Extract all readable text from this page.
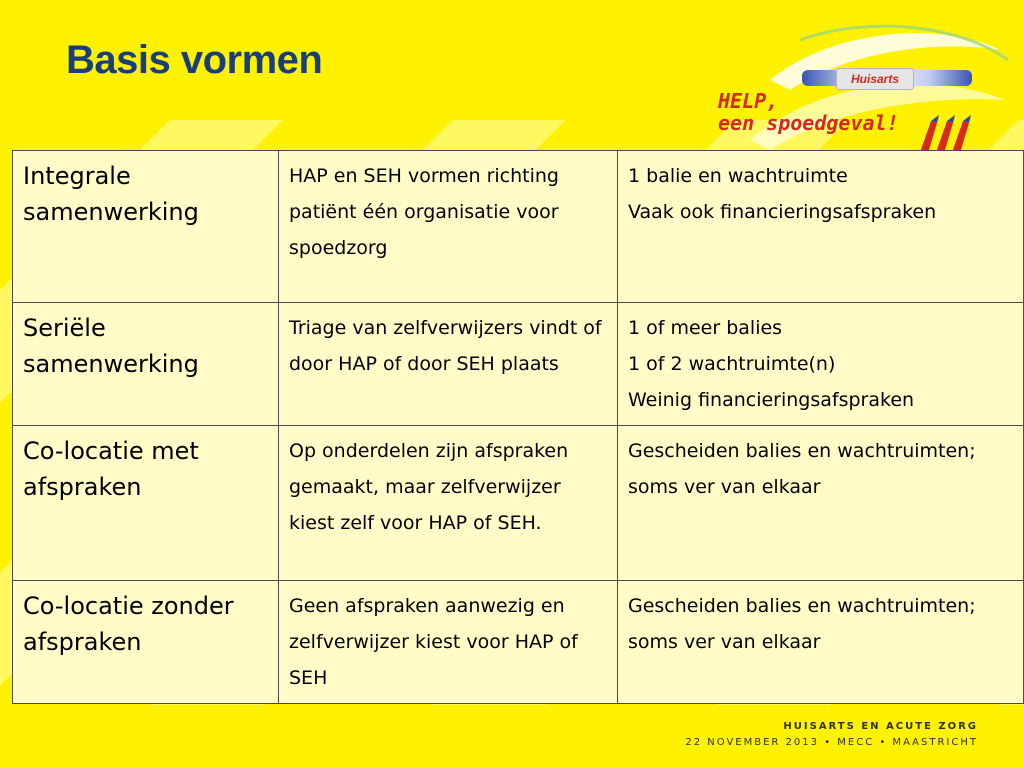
Basis vormen	Huisarts
HELP,
een spoedgeval!
Integrale samenwerking	HAP en SEH vormen richting patiënt één organisatie voor spoedzorg	1 balie en wachtruimte
Vaak ook financieringsafspraken

Seriële samenwerking	Triage van zelfverwijzers vindt of door HAP of door SEH plaats	1 of meer balies
1 of 2 wachtruimte(n)
Weinig financieringsafspraken

Co-locatie met afspraken	Op onderdelen zijn afspraken gemaakt, maar zelfverwijzer kiest zelf voor HAP of SEH.	Gescheiden balies en wachtruimten; soms ver van elkaar

Co-locatie zonder afspraken	Geen afspraken aanwezig en zelfverwijzer kiest voor HAP of SEH	Gescheiden balies en wachtruimten; soms ver van elkaar
HUISARTS EN ACUTE ZORG
22 NOVEMBER 2013 • MECC • MAASTRICHT
